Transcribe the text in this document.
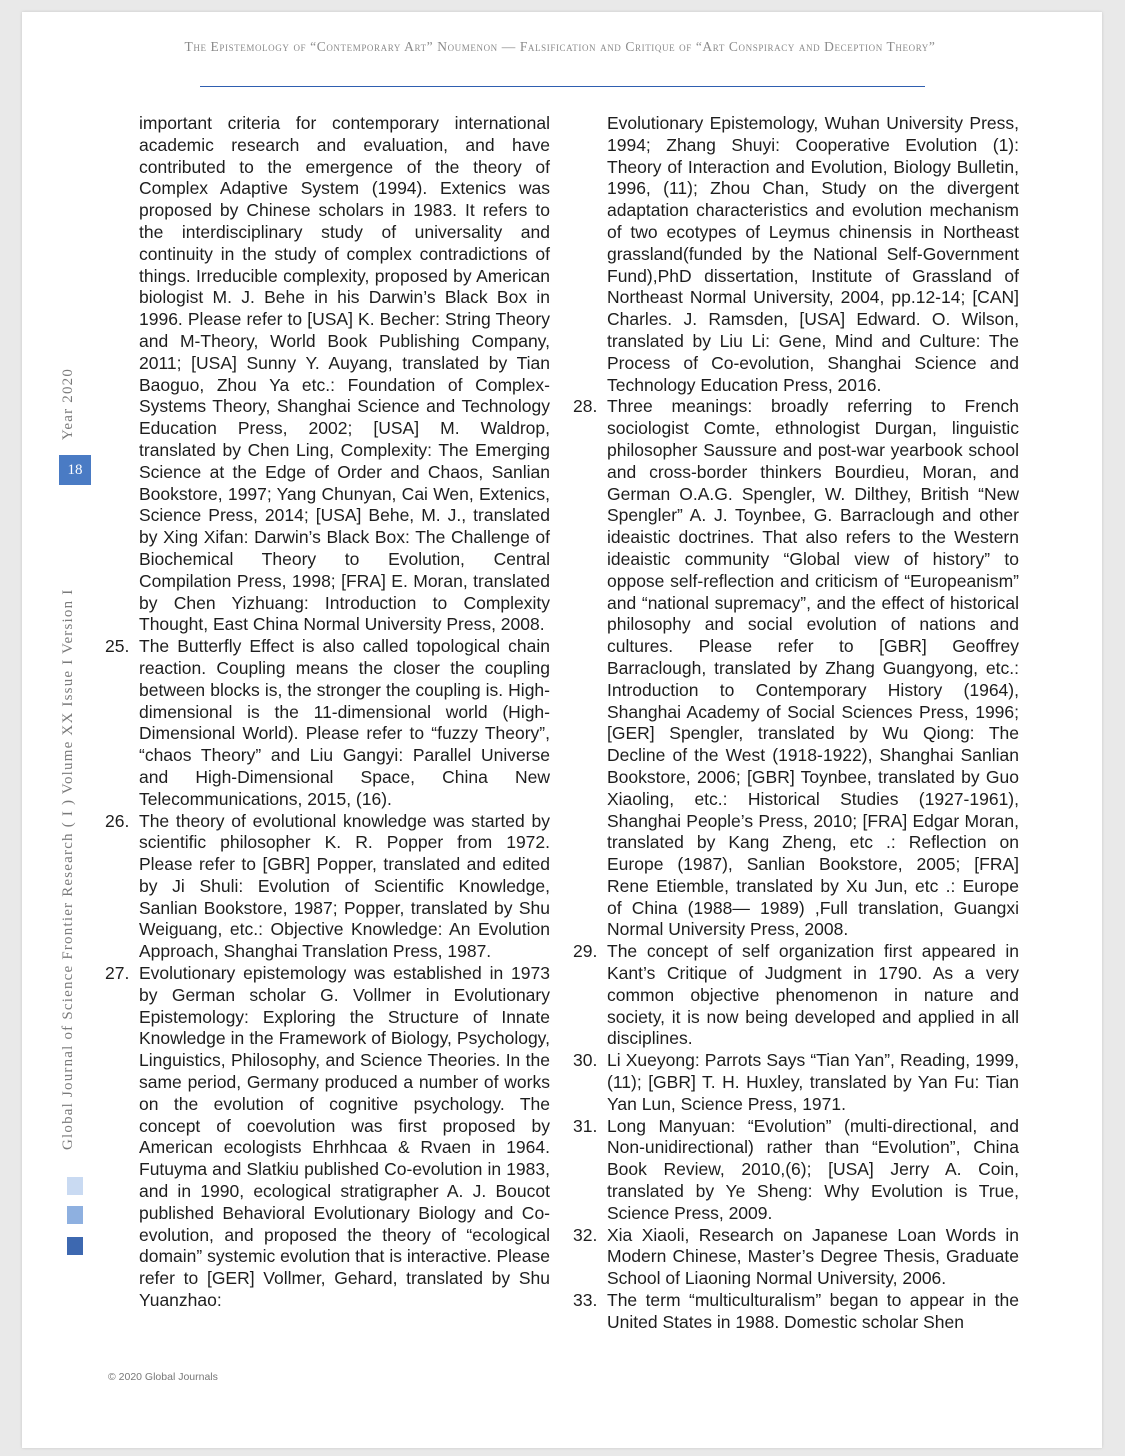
The Epistemology of “Contemporary Art” Noumenon — Falsification and Critique of “Art Conspiracy and Deception Theory”
Global Journal of Science Frontier Research ( I ) Volume XX Issue I Version I
Year 2020
18

important criteria for contemporary international academic research and evaluation, and have contributed to the emergence of the theory of Complex Adaptive System (1994). Extenics was proposed by Chinese scholars in 1983. It refers to the interdisciplinary study of universality and continuity in the study of complex contradictions of things. Irreducible complexity, proposed by American biologist M. J. Behe in his Darwin’s Black Box in 1996. Please refer to [USA] K. Becher: String Theory and M-Theory, World Book Publishing Company, 2011; [USA] Sunny Y. Auyang, translated by Tian Baoguo, Zhou Ya etc.: Foundation of Complex-Systems Theory, Shanghai Science and Technology Education Press, 2002; [USA] M. Waldrop, translated by Chen Ling, Complexity: The Emerging Science at the Edge of Order and Chaos, Sanlian Bookstore, 1997; Yang Chunyan, Cai Wen, Extenics, Science Press, 2014; [USA] Behe, M. J., translated by Xing Xifan: Darwin’s Black Box: The Challenge of Biochemical Theory to Evolution, Central Compilation Press, 1998; [FRA] E. Moran, translated by Chen Yizhuang: Introduction to Complexity Thought, East China Normal University Press, 2008.

25. The Butterfly Effect is also called topological chain reaction. Coupling means the closer the coupling between blocks is, the stronger the coupling is. High-dimensional is the 11-dimensional world (High-Dimensional World). Please refer to “fuzzy Theory”, “chaos Theory” and Liu Gangyi: Parallel Universe and High-Dimensional Space, China New Telecommunications, 2015, (16).
26. The theory of evolutional knowledge was started by scientific philosopher K. R. Popper from 1972. Please refer to [GBR] Popper, translated and edited by Ji Shuli: Evolution of Scientific Knowledge, Sanlian Bookstore, 1987; Popper, translated by Shu Weiguang, etc.: Objective Knowledge: An Evolution Approach, Shanghai Translation Press, 1987.
27. Evolutionary epistemology was established in 1973 by German scholar G. Vollmer in Evolutionary Epistemology: Exploring the Structure of Innate Knowledge in the Framework of Biology, Psychology, Linguistics, Philosophy, and Science Theories. In the same period, Germany produced a number of works on the evolution of cognitive psychology. The concept of coevolution was first proposed by American ecologists Ehrhhcaa & Rvaen in 1964. Futuyma and Slatkiu published Co-evolution in 1983, and in 1990, ecological stratigrapher A. J. Boucot published Behavioral Evolutionary Biology and Co-evolution, and proposed the theory of “ecological domain” systemic evolution that is interactive. Please refer to [GER] Vollmer, Gehard, translated by Shu Yuanzhao:

Evolutionary Epistemology, Wuhan University Press, 1994; Zhang Shuyi: Cooperative Evolution (1): Theory of Interaction and Evolution, Biology Bulletin, 1996, (11); Zhou Chan, Study on the divergent adaptation characteristics and evolution mechanism of two ecotypes of Leymus chinensis in Northeast grassland(funded by the National Self-Government Fund),PhD dissertation, Institute of Grassland of Northeast Normal University, 2004, pp.12-14; [CAN] Charles. J. Ramsden, [USA] Edward. O. Wilson, translated by Liu Li: Gene, Mind and Culture: The Process of Co-evolution, Shanghai Science and Technology Education Press, 2016.

28. Three meanings: broadly referring to French sociologist Comte, ethnologist Durgan, linguistic philosopher Saussure and post-war yearbook school and cross-border thinkers Bourdieu, Moran, and German O.A.G. Spengler, W. Dilthey, British “New Spengler” A. J. Toynbee, G. Barraclough and other ideaistic doctrines. That also refers to the Western ideaistic community “Global view of history” to oppose self-reflection and criticism of “Europeanism” and “national supremacy”, and the effect of historical philosophy and social evolution of nations and cultures. Please refer to [GBR] Geoffrey Barraclough, translated by Zhang Guangyong, etc.: Introduction to Contemporary History (1964), Shanghai Academy of Social Sciences Press, 1996; [GER] Spengler, translated by Wu Qiong: The Decline of the West (1918-1922), Shanghai Sanlian Bookstore, 2006; [GBR] Toynbee, translated by Guo Xiaoling, etc.: Historical Studies (1927-1961), Shanghai People’s Press, 2010; [FRA] Edgar Moran, translated by Kang Zheng, etc .: Reflection on Europe (1987), Sanlian Bookstore, 2005; [FRA] Rene Etiemble, translated by Xu Jun, etc .: Europe of China (1988— 1989) ,Full translation, Guangxi Normal University Press, 2008.
29. The concept of self organization first appeared in Kant’s Critique of Judgment in 1790. As a very common objective phenomenon in nature and society, it is now being developed and applied in all disciplines.
30. Li Xueyong: Parrots Says “Tian Yan”, Reading, 1999, (11); [GBR] T. H. Huxley, translated by Yan Fu: Tian Yan Lun, Science Press, 1971.
31. Long Manyuan: “Evolution” (multi-directional, and Non-unidirectional) rather than “Evolution”, China Book Review, 2010,(6); [USA] Jerry A. Coin, translated by Ye Sheng: Why Evolution is True, Science Press, 2009.
32. Xia Xiaoli, Research on Japanese Loan Words in Modern Chinese, Master’s Degree Thesis, Graduate School of Liaoning Normal University, 2006.
33. The term “multiculturalism” began to appear in the United States in 1988. Domestic scholar Shen
© 2020 Global Journals
